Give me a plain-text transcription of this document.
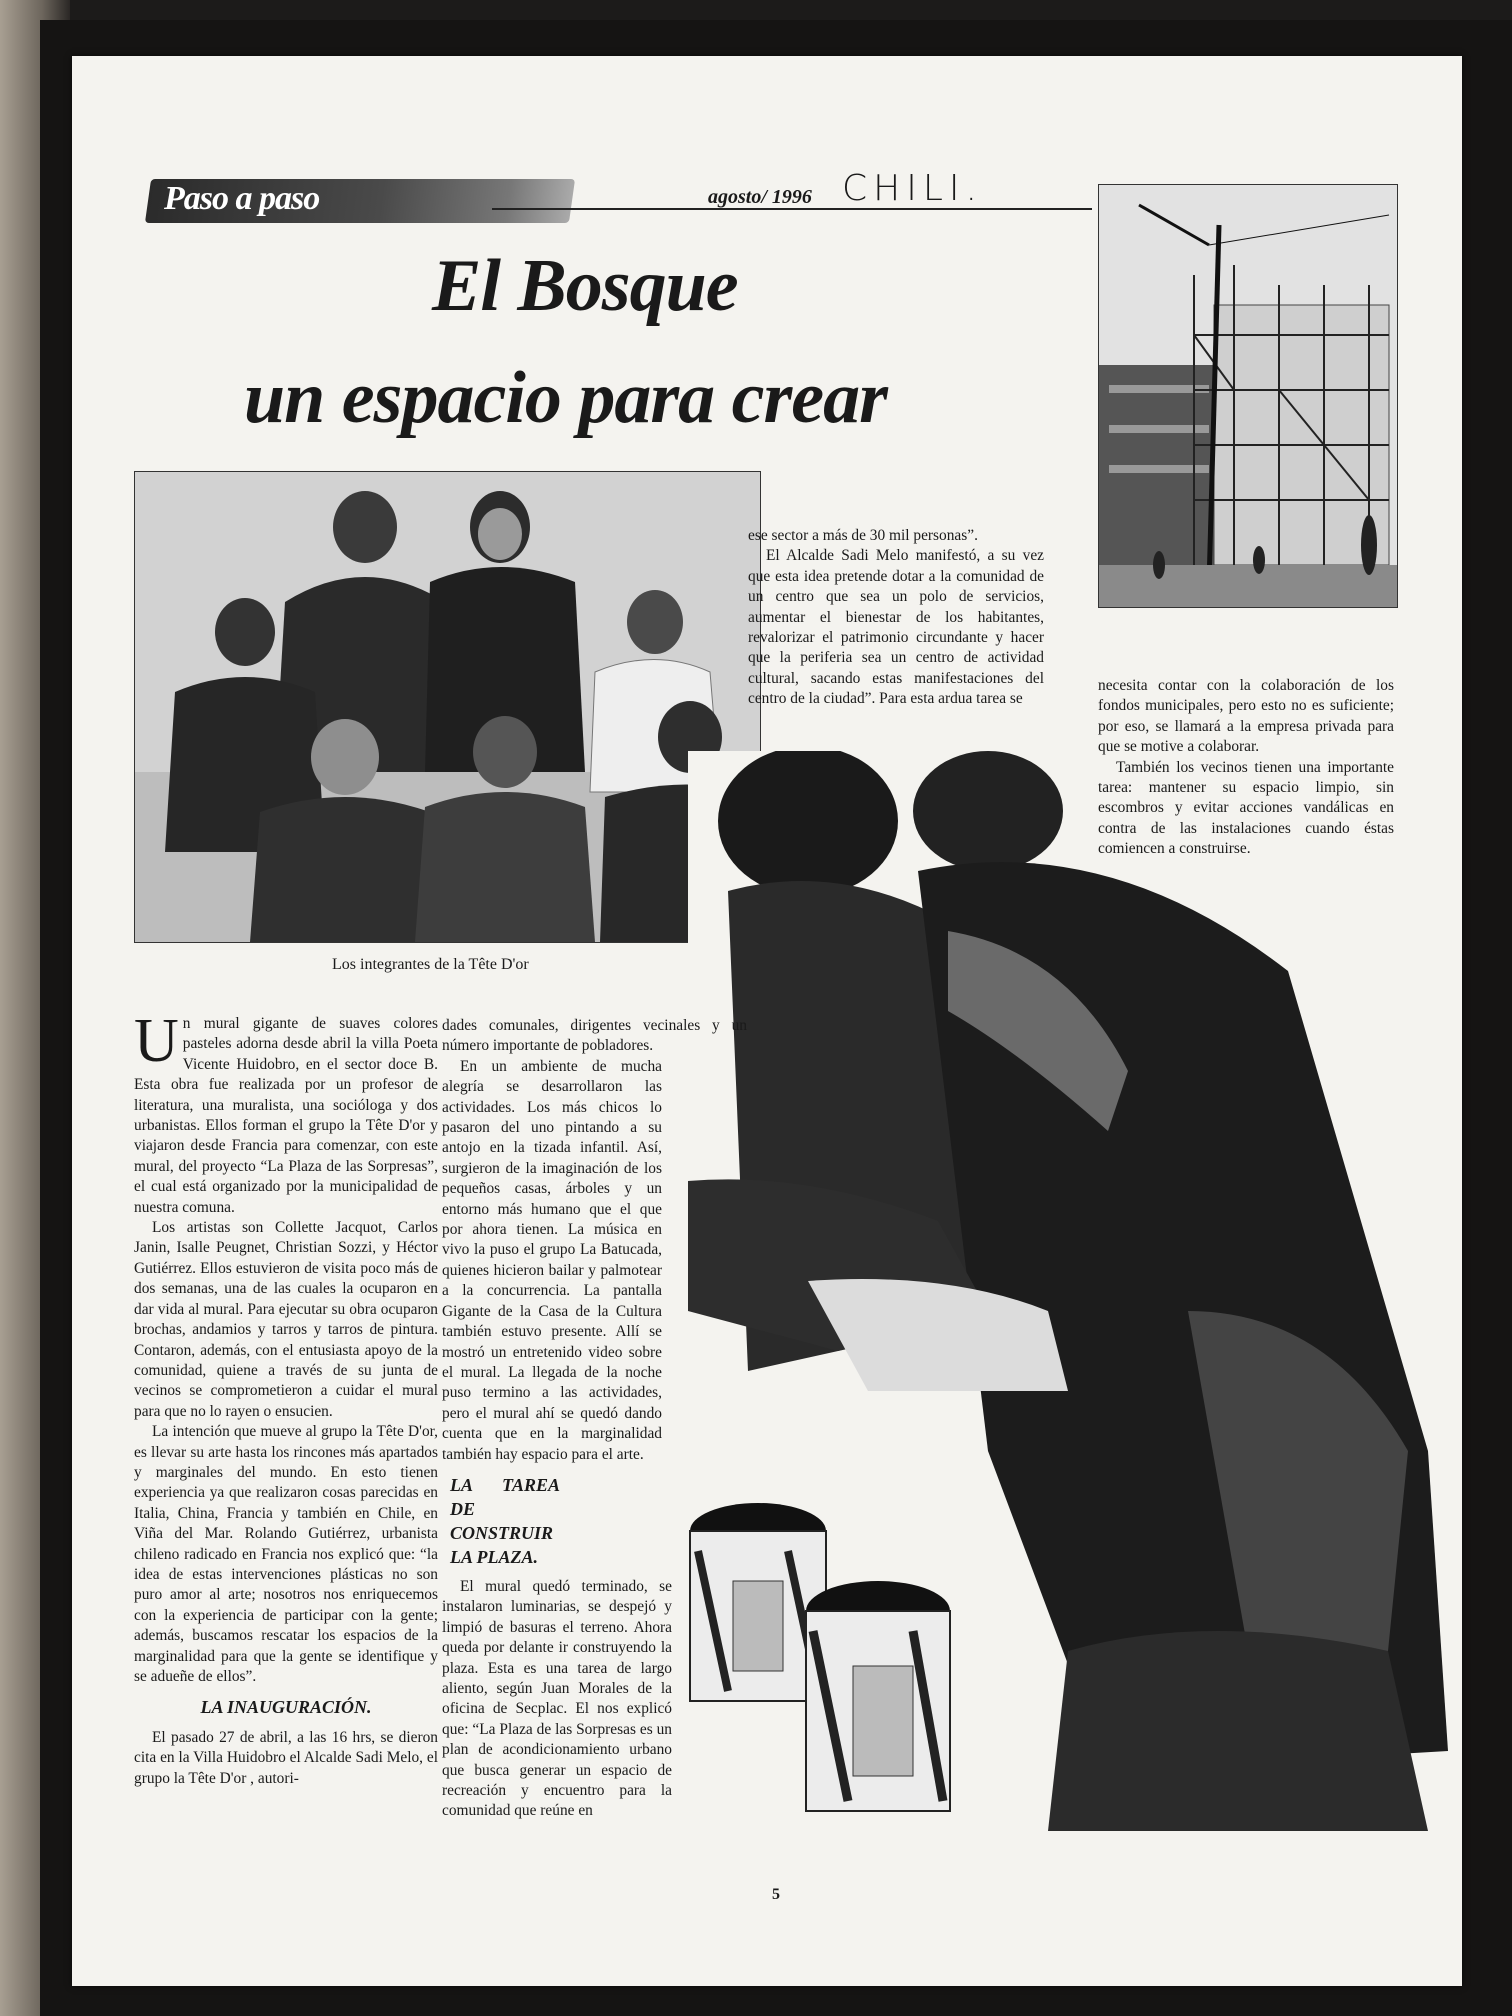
Paso a paso	agosto/ 1996 CHILI.
El Bosque
un espacio para crear
Los integrantes de la Tête D'or

Un mural gigante de suaves colores pasteles adorna desde abril la villa Poeta Vicente Huidobro, en el sector doce B. Esta obra fue realizada por un profesor de literatura, una muralista, una socióloga y dos urbanistas. Ellos forman el grupo la Tête D'or y viajaron desde Francia para comenzar, con este mural, del proyecto “La Plaza de las Sorpresas”, el cual está organizado por la municipalidad de nuestra comuna.

Los artistas son Collette Jacquot, Carlos Janin, Isalle Peugnet, Christian Sozzi, y Héctor Gutiérrez. Ellos estuvieron de visita poco más de dos semanas, una de las cuales la ocuparon en dar vida al mural. Para ejecutar su obra ocuparon brochas, andamios y tarros y tarros de pintura. Contaron, además, con el entusiasta apoyo de la comunidad, quiene a través de su junta de vecinos se comprometieron a cuidar el mural para que no lo rayen o ensucien.

La intención que mueve al grupo la Tête D'or, es llevar su arte hasta los rincones más apartados y marginales del mundo. En esto tienen experiencia ya que realizaron cosas parecidas en Italia, China, Francia y también en Chile, en Viña del Mar. Rolando Gutiérrez, urbanista chileno radicado en Francia nos explicó que: “la idea de estas intervenciones plásticas no son puro amor al arte; nosotros nos enriquecemos con la experiencia de participar con la gente; además, buscamos rescatar los espacios de la marginalidad para que la gente se identifique y se adueñe de ellos”.

LA INAUGURACIÓN.

El pasado 27 de abril, a las 16 hrs, se dieron cita en la Villa Huidobro el Alcalde Sadi Melo, el grupo la Tête D'or , autori-

dades comunales, dirigentes vecinales y un número importante de pobladores.

En un ambiente de mucha alegría se desarrollaron las actividades. Los más chicos lo pasaron del uno pintando a su antojo en la tizada infantil. Así, surgieron de la imaginación de los pequeños casas, árboles y un entorno más humano que el que por ahora tienen. La música en vivo la puso el grupo La Batucada, quienes hicieron bailar y palmotear a la concurrencia. La pantalla Gigante de la Casa de la Cultura también estuvo presente. Allí se mostró un entretenido video sobre el mural. La llegada de la noche puso termino a las actividades, pero el mural ahí se quedó dando cuenta que en la marginalidad también hay espacio para el arte.

LA TAREA DE CONSTRUIR LA PLAZA.

El mural quedó terminado, se instalaron luminarias, se despejó y limpió de basuras el terreno. Ahora queda por delante ir construyendo la plaza. Esta es una tarea de largo aliento, según Juan Morales de la oficina de Secplac. El nos explicó que: “La Plaza de las Sorpresas es un plan de acondicionamiento urbano que busca generar un espacio de recreación y encuentro para la comunidad que reúne en

ese sector a más de 30 mil personas”.

El Alcalde Sadi Melo manifestó, a su vez que esta idea pretende dotar a la comunidad de un centro que sea un polo de servicios, aumentar el bienestar de los habitantes, revalorizar el patrimonio circundante y hacer que la periferia sea un centro de actividad cultural, sacando estas manifestaciones del centro de la ciudad”. Para esta ardua tarea se

necesita contar con la colaboración de los fondos municipales, pero esto no es suficiente; por eso, se llamará a la empresa privada para que se motive a colaborar.

También los vecinos tienen una importante tarea: mantener su espacio limpio, sin escombros y evitar acciones vandálicas en contra de las instalaciones cuando éstas comiencen a construirse.

5
